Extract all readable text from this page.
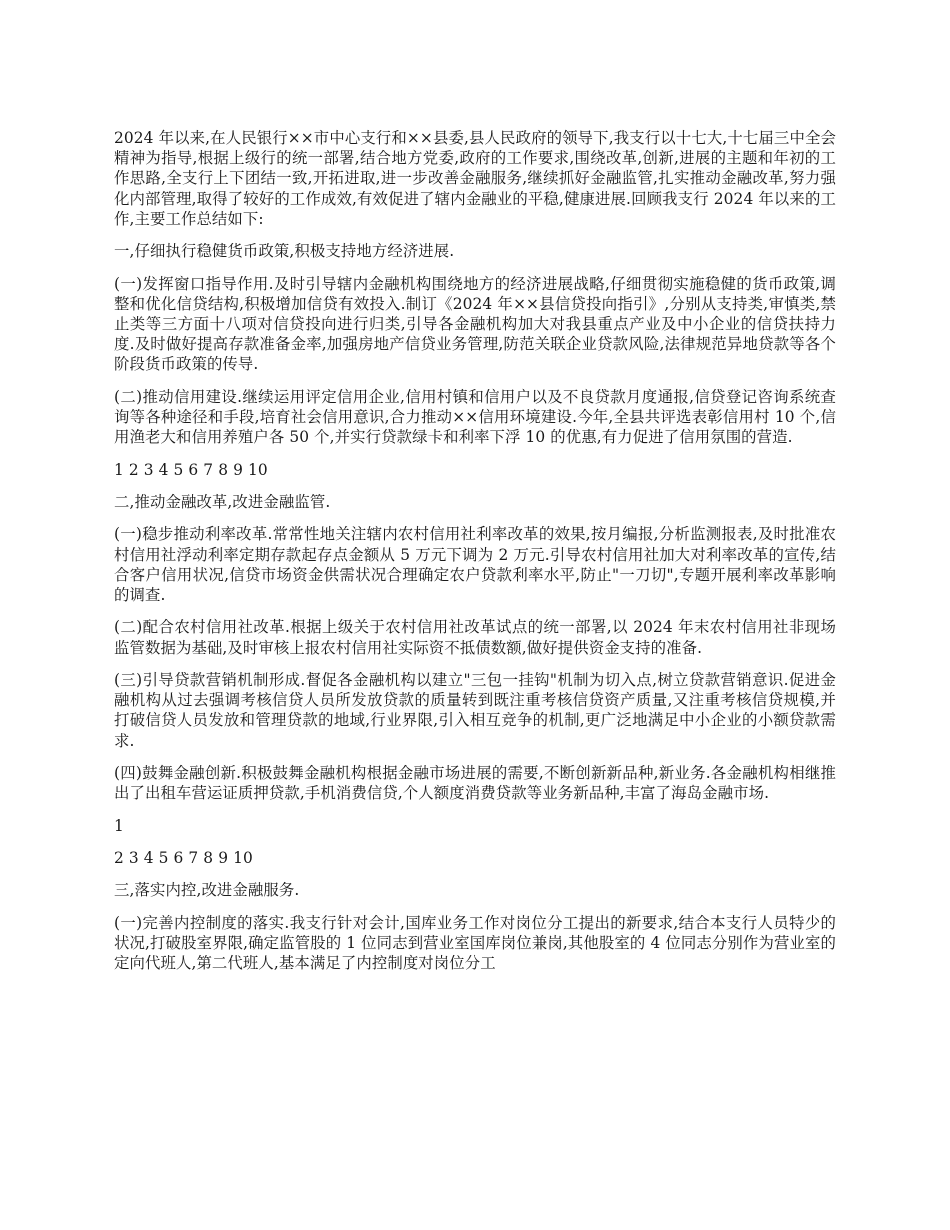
2024 年以来,在人民银行××市中心支行和××县委,县人民政府的领导下,我支行以十七大,十七届三中全会精神为指导,根据上级行的统一部署,结合地方党委,政府的工作要求,围绕改革,创新,进展的主题和年初的工作思路,全支行上下团结一致,开拓进取,进一步改善金融服务,继续抓好金融监管,扎实推动金融改革,努力强化内部管理,取得了较好的工作成效,有效促进了辖内金融业的平稳,健康进展.回顾我支行 2024 年以来的工作,主要工作总结如下:

一,仔细执行稳健货币政策,积极支持地方经济进展.

(一)发挥窗口指导作用.及时引导辖内金融机构围绕地方的经济进展战略,仔细贯彻实施稳健的货币政策,调整和优化信贷结构,积极增加信贷有效投入.制订《2024 年××县信贷投向指引》,分别从支持类,审慎类,禁止类等三方面十八项对信贷投向进行归类,引导各金融机构加大对我县重点产业及中小企业的信贷扶持力度.及时做好提高存款准备金率,加强房地产信贷业务管理,防范关联企业贷款风险,法律规范异地贷款等各个阶段货币政策的传导.

(二)推动信用建设.继续运用评定信用企业,信用村镇和信用户以及不良贷款月度通报,信贷登记咨询系统查询等各种途径和手段,培育社会信用意识,合力推动××信用环境建设.今年,全县共评选表彰信用村 10 个,信用渔老大和信用养殖户各 50 个,并实行贷款绿卡和利率下浮 10 的优惠,有力促进了信用氛围的营造.

1 2 3 4 5 6 7 8 9 10

二,推动金融改革,改进金融监管.

(一)稳步推动利率改革.常常性地关注辖内农村信用社利率改革的效果,按月编报,分析监测报表,及时批准农村信用社浮动利率定期存款起存点金额从 5 万元下调为 2 万元.引导农村信用社加大对利率改革的宣传,结合客户信用状况,信贷市场资金供需状况合理确定农户贷款利率水平,防止"一刀切",专题开展利率改革影响的调查.

(二)配合农村信用社改革.根据上级关于农村信用社改革试点的统一部署,以 2024 年末农村信用社非现场监管数据为基础,及时审核上报农村信用社实际资不抵债数额,做好提供资金支持的准备.

(三)引导贷款营销机制形成.督促各金融机构以建立"三包一挂钩"机制为切入点,树立贷款营销意识.促进金融机构从过去强调考核信贷人员所发放贷款的质量转到既注重考核信贷资产质量,又注重考核信贷规模,并打破信贷人员发放和管理贷款的地域,行业界限,引入相互竞争的机制,更广泛地满足中小企业的小额贷款需求.

(四)鼓舞金融创新.积极鼓舞金融机构根据金融市场进展的需要,不断创新新品种,新业务.各金融机构相继推出了出租车营运证质押贷款,手机消费信贷,个人额度消费贷款等业务新品种,丰富了海岛金融市场.

1

2 3 4 5 6 7 8 9 10

三,落实内控,改进金融服务.

(一)完善内控制度的落实.我支行针对会计,国库业务工作对岗位分工提出的新要求,结合本支行人员特少的状况,打破股室界限,确定监管股的 1 位同志到营业室国库岗位兼岗,其他股室的 4 位同志分别作为营业室的定向代班人,第二代班人,基本满足了内控制度对岗位分工
